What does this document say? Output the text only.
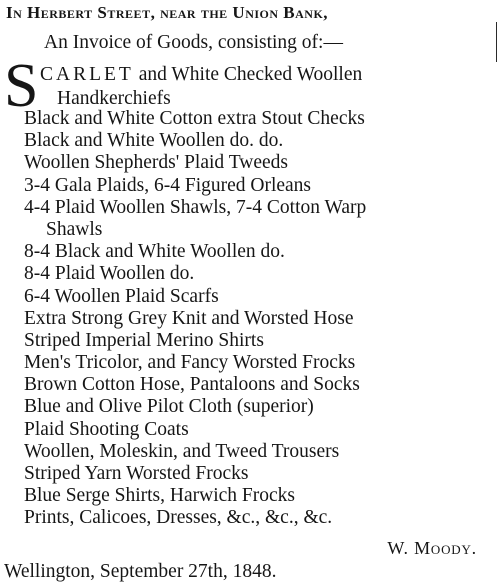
In Herbert Street, near the Union Bank,
An Invoice of Goods, consisting of:—
S CARLET and White Checked Woollen
Handkerchiefs
Black and White Cotton extra Stout Checks
Black and White Woollen do. do.
Woollen Shepherds' Plaid Tweeds
3-4 Gala Plaids, 6-4 Figured Orleans
4-4 Plaid Woollen Shawls, 7-4 Cotton Warp
Shawls
8-4 Black and White Woollen do.
8-4 Plaid Woollen do.
6-4 Woollen Plaid Scarfs
Extra Strong Grey Knit and Worsted Hose
Striped Imperial Merino Shirts
Men's Tricolor, and Fancy Worsted Frocks
Brown Cotton Hose, Pantaloons and Socks
Blue and Olive Pilot Cloth (superior)
Plaid Shooting Coats
Woollen, Moleskin, and Tweed Trousers
Striped Yarn Worsted Frocks
Blue Serge Shirts, Harwich Frocks
Prints, Calicoes, Dresses, &c., &c., &c.
W. Moody.
Wellington, September 27th, 1848.
